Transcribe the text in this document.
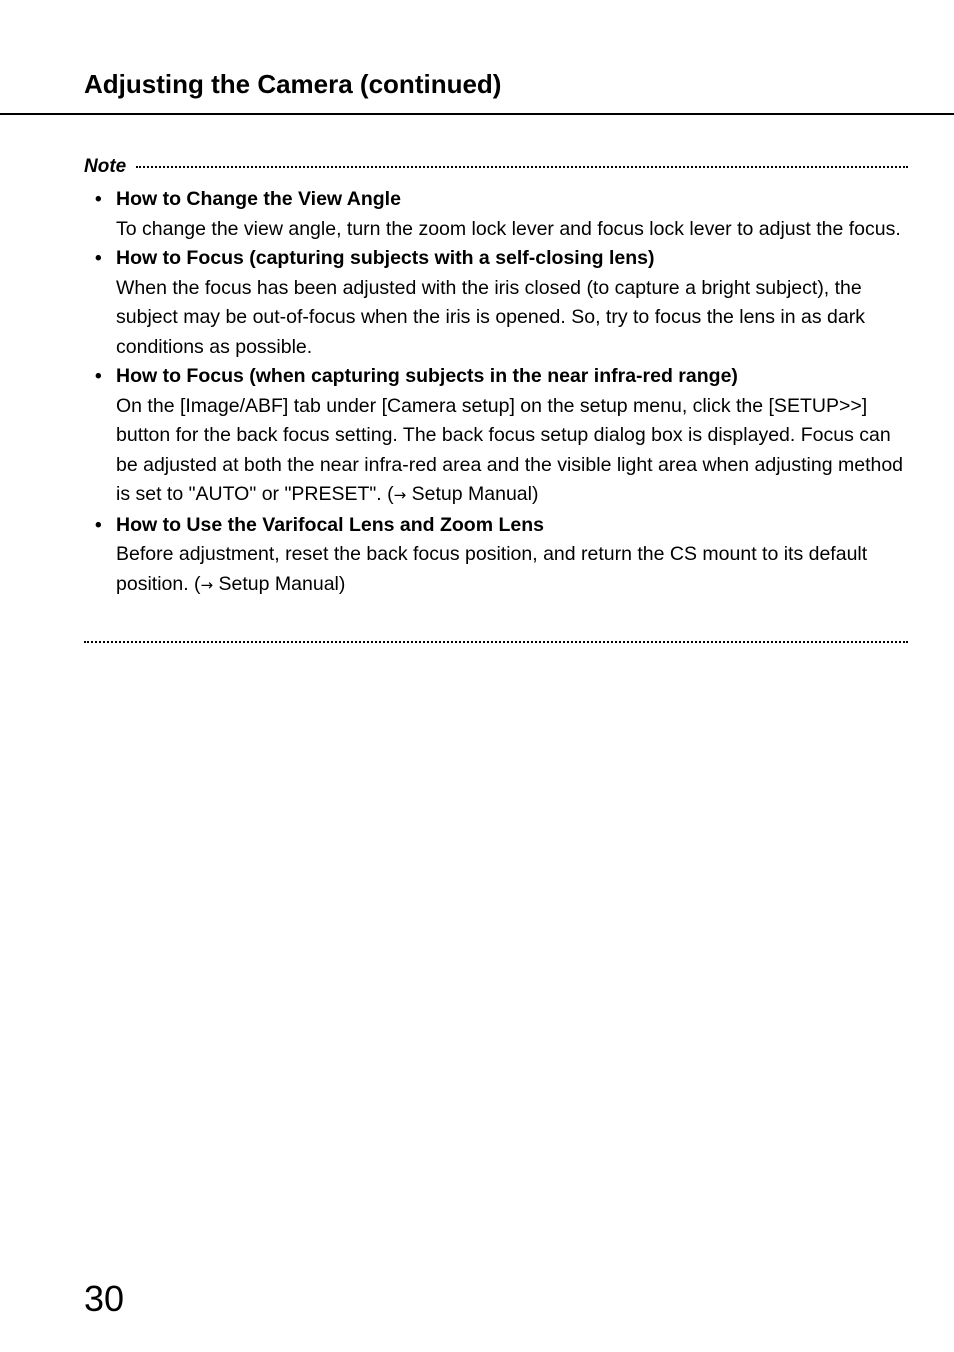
Adjusting the Camera (continued)
Note
• How to Change the View Angle

To change the view angle, turn the zoom lock lever and focus lock lever to adjust the focus.

• How to Focus (capturing subjects with a self-closing lens)

When the focus has been adjusted with the iris closed (to capture a bright subject), the subject may be out-of-focus when the iris is opened. So, try to focus the lens in as dark conditions as possible.

• How to Focus (when capturing subjects in the near infra-red range)

On the [Image/ABF] tab under [Camera setup] on the setup menu, click the [SETUP>>] button for the back focus setting. The back focus setup dialog box is displayed. Focus can be adjusted at both the near infra-red area and the visible light area when adjusting method is set to "AUTO" or "PRESET". (→ Setup Manual)

• How to Use the Varifocal Lens and Zoom Lens

Before adjustment, reset the back focus position, and return the CS mount to its default position. (→ Setup Manual)

30
